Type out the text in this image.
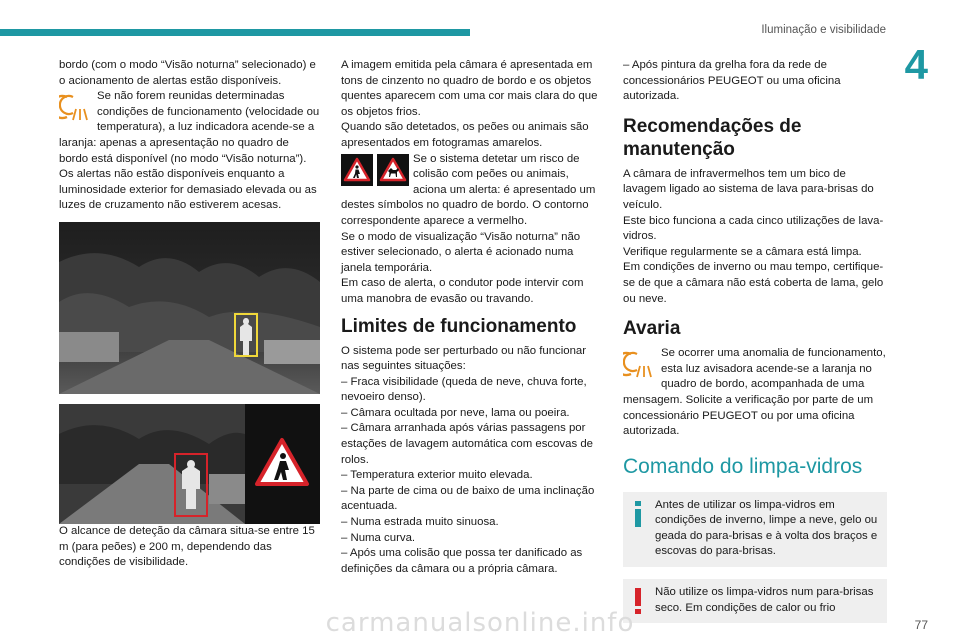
Iluminação e visibilidade
4

bordo (com o modo “Visão noturna” selecionado) e o acionamento de alertas estão disponíveis.

Se não forem reunidas determinadas condições de funcionamento (velocidade ou temperatura), a luz indicadora acende-se a laranja: apenas a apresentação no quadro de bordo está disponível (no modo “Visão noturna”).

Os alertas não estão disponíveis enquanto a luminosidade exterior for demasiado elevada ou as luzes de cruzamento não estiverem acesas.

O alcance de deteção da câmara situa-se entre 15 m (para peões) e 200 m, dependendo das condições de visibilidade.

A imagem emitida pela câmara é apresentada em tons de cinzento no quadro de bordo e os objetos quentes aparecem com uma cor mais clara do que os objetos frios.

Quando são detetados, os peões ou animais são apresentados em fotogramas amarelos.

Se o sistema detetar um risco de colisão com peões ou animais, aciona um alerta: é apresentado um destes símbolos no quadro de bordo. O contorno correspondente aparece a vermelho.

Se o modo de visualização “Visão noturna” não estiver selecionado, o alerta é acionado numa janela temporária.

Em caso de alerta, o condutor pode intervir com uma manobra de evasão ou travando.

Limites de funcionamento

O sistema pode ser perturbado ou não funcionar nas seguintes situações:

– Fraca visibilidade (queda de neve, chuva forte, nevoeiro denso).

– Câmara ocultada por neve, lama ou poeira.

– Câmara arranhada após várias passagens por estações de lavagem automática com escovas de rolos.

– Temperatura exterior muito elevada.

– Na parte de cima ou de baixo de uma inclinação acentuada.

– Numa estrada muito sinuosa.

– Numa curva.

– Após uma colisão que possa ter danificado as definições da câmara ou a própria câmara.

– Após pintura da grelha fora da rede de concessionários PEUGEOT ou uma oficina autorizada.

Recomendações de manutenção

A câmara de infravermelhos tem um bico de lavagem ligado ao sistema de lava para-brisas do veículo.

Este bico funciona a cada cinco utilizações de lava-vidros.

Verifique regularmente se a câmara está limpa.

Em condições de inverno ou mau tempo, certifique-se de que a câmara não está coberta de lama, gelo ou neve.

Avaria

Se ocorrer uma anomalia de funcionamento, esta luz avisadora acende-se a laranja no quadro de bordo, acompanhada de uma mensagem. Solicite a verificação por parte de um concessionário PEUGEOT ou por uma oficina autorizada.

Comando do limpa-vidros

Antes de utilizar os limpa-vidros em condições de inverno, limpe a neve, gelo ou geada do para-brisas e à volta dos braços e escovas do para-brisas.

Não utilize os limpa-vidros num para-brisas seco. Em condições de calor ou frio

77
carmanualsonline.info
